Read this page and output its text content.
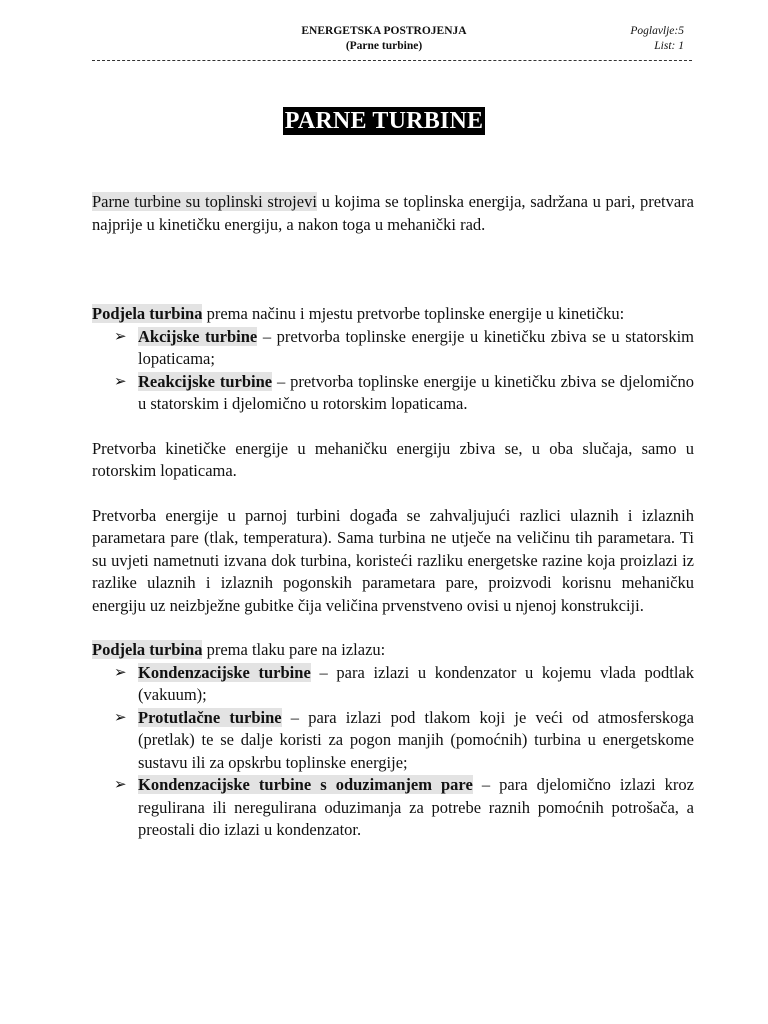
ENERGETSKA POSTROJENJA
(Parne turbine)
Poglavlje:5
List: 1
PARNE TURBINE

Parne turbine su toplinski strojevi u kojima se toplinska energija, sadržana u pari, pretvara najprije u kinetičku energiju, a nakon toga u mehanički rad.

Podjela turbina prema načinu i mjestu pretvorbe toplinske energije u kinetičku:

➢ Akcijske turbine – pretvorba toplinske energije u kinetičku zbiva se u statorskim lopaticama;
➢ Reakcijske turbine – pretvorba toplinske energije u kinetičku zbiva se djelomično u statorskim i djelomično u rotorskim lopaticama.

Pretvorba kinetičke energije u mehaničku energiju zbiva se, u oba slučaja, samo u rotorskim lopaticama.

Pretvorba energije u parnoj turbini događa se zahvaljujući razlici ulaznih i izlaznih parametara pare (tlak, temperatura). Sama turbina ne utječe na veličinu tih parametara. Ti su uvjeti nametnuti izvana dok turbina, koristeći razliku energetske razine koja proizlazi iz razlike ulaznih i izlaznih pogonskih parametara pare, proizvodi korisnu mehaničku energiju uz neizbježne gubitke čija veličina prvenstveno ovisi u njenoj konstrukciji.

Podjela turbina prema tlaku pare na izlazu:

➢ Kondenzacijske turbine – para izlazi u kondenzator u kojemu vlada podtlak (vakuum);
➢ Protutlačne turbine – para izlazi pod tlakom koji je veći od atmosferskoga (pretlak) te se dalje koristi za pogon manjih (pomoćnih) turbina u energetskome sustavu ili za opskrbu toplinske energije;
➢ Kondenzacijske turbine s oduzimanjem pare – para djelomično izlazi kroz regulirana ili neregulirana oduzimanja za potrebe raznih pomoćnih potrošača, a preostali dio izlazi u kondenzator.
